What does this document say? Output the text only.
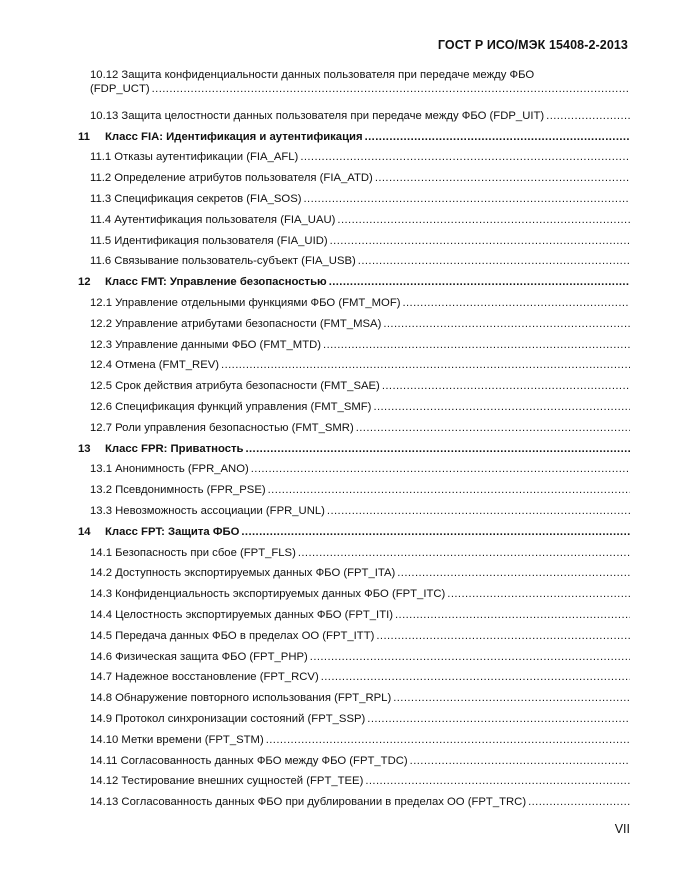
ГОСТ Р ИСО/МЭК 15408-2-2013
10.12 Защита конфиденциальности данных пользователя при передаче между ФБО
(FDP_UCT)
.....
10.13 Защита целостности данных пользователя при передаче между ФБО (FDP_UIT)
.....
11	Класс FIA: Идентификация и аутентификация
.....
11.1 Отказы аутентификации (FIA_AFL)
.....
11.2 Определение атрибутов пользователя (FIA_ATD)
.....
11.3 Спецификация секретов (FIA_SOS)
.....
11.4 Аутентификация пользователя (FIA_UAU)
.....
11.5 Идентификация пользователя (FIA_UID)
.....
11.6 Связывание пользователь-субъект (FIA_USB)
.....
12	Класс FMT: Управление безопасностью
.....
12.1 Управление отдельными функциями ФБО (FMT_MOF)
.....
12.2 Управление атрибутами безопасности (FMT_MSA)
.....
12.3 Управление данными ФБО (FMT_MTD)
.....
12.4 Отмена (FMT_REV)
.....
12.5 Срок действия атрибута безопасности (FMT_SAE)
.....
12.6 Спецификация функций управления (FMT_SMF)
.....
12.7 Роли управления безопасностью (FMT_SMR)
.....
13	Класс FPR: Приватность
.....
13.1 Анонимность (FPR_ANO)
.....
13.2 Псевдонимность (FPR_PSE)
.....
13.3 Невозможность ассоциации (FPR_UNL)
.....
14	Класс FPT: Защита ФБО
.....
14.1 Безопасность при сбое (FPT_FLS)
.....
14.2 Доступность экспортируемых данных ФБО (FPT_ITA)
.....
14.3 Конфиденциальность экспортируемых данных ФБО (FPT_ITC)
.....
14.4 Целостность экспортируемых данных ФБО (FPT_ITI)
.....
14.5 Передача данных ФБО в пределах ОО (FPT_ITT)
.....
14.6 Физическая защита ФБО (FPT_PHP)
.....
14.7 Надежное восстановление (FPT_RCV)
.....
14.8 Обнаружение повторного использования (FPT_RPL)
.....
14.9 Протокол синхронизации состояний (FPT_SSP)
.....
14.10 Метки времени (FPT_STM)
.....
14.11 Согласованность данных ФБО между ФБО (FPT_TDC)
.....
14.12 Тестирование внешних сущностей (FPT_TEE)
.....
14.13 Согласованность данных ФБО при дублировании в пределах ОО (FPT_TRC)
.....
VII
